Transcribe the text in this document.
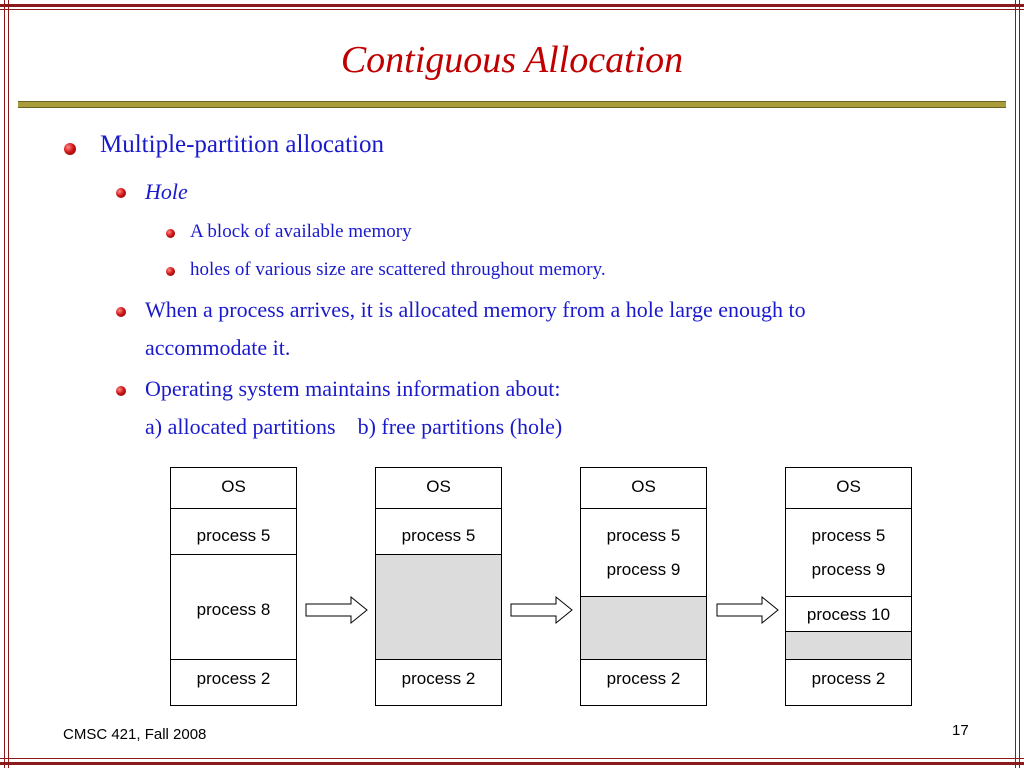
Contiguous Allocation
Multiple-partition allocation
Hole
A block of available memory
holes of various size are scattered throughout memory.
When a process arrives, it is allocated memory from a hole large enough to
accommodate it.
Operating system maintains information about:
a) allocated partitions    b) free partitions (hole)
OS
process 5
process 8
process 2
OS
process 5
process 2
OS
process 5
process 9
process 2
OS
process 5
process 9
process 10
process 2
CMSC 421, Fall 2008	17
